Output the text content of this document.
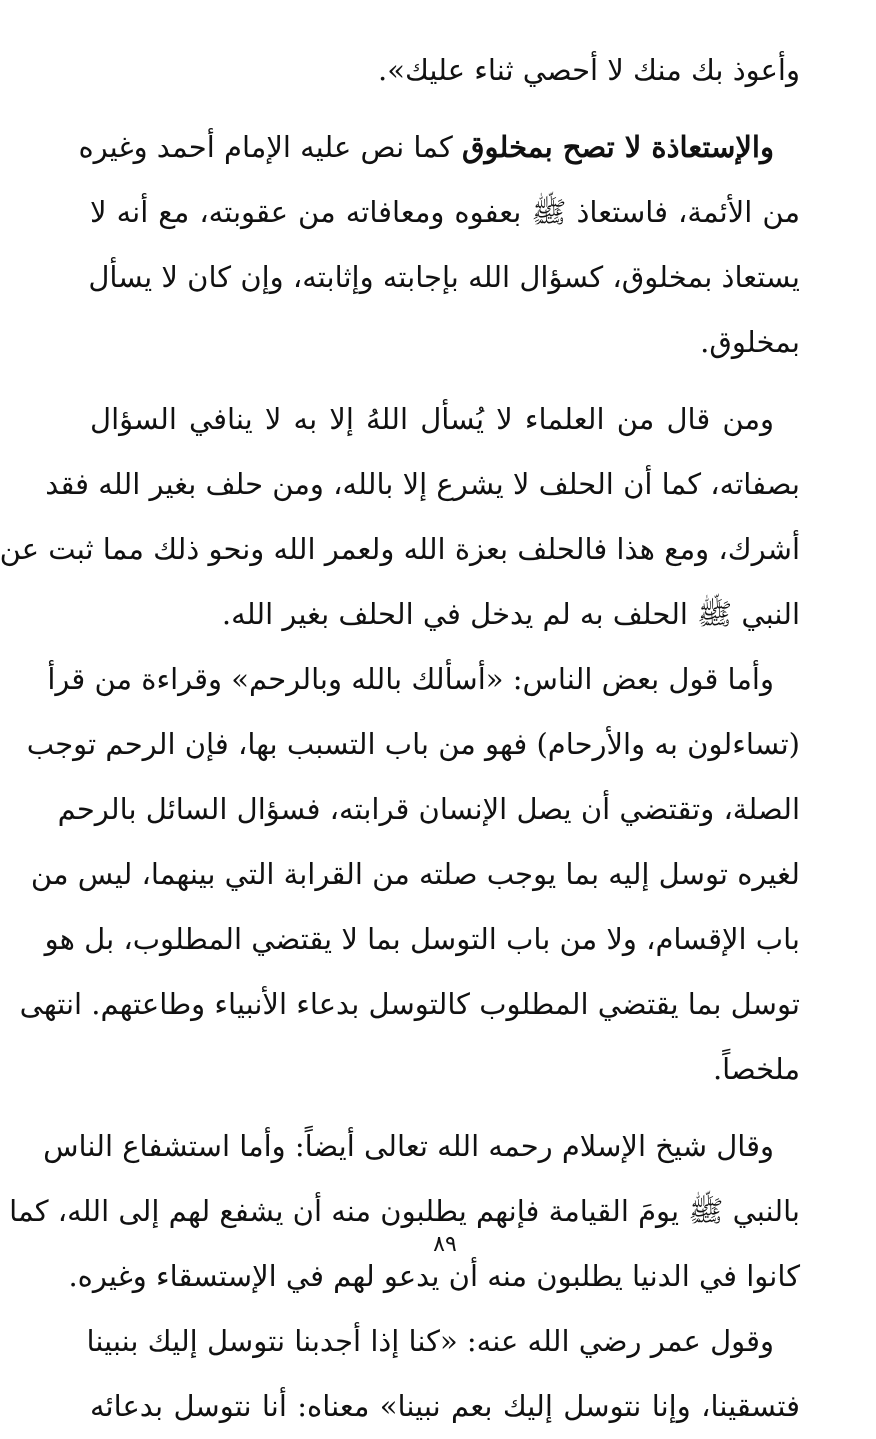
وأعوذ بك منك لا أحصي ثناء عليك».
والإستعاذة لا تصح بمخلوق كما نص عليه الإمام أحمد وغيره
من الأئمة، فاستعاذ ﷺ بعفوه ومعافاته من عقوبته، مع أنه لا
يستعاذ بمخلوق، كسؤال الله بإجابته وإثابته، وإن كان لا يسأل
بمخلوق.
ومن قال من العلماء لا يُسأل اللهُ إلا به لا ينافي السؤال
بصفاته، كما أن الحلف لا يشرع إلا بالله، ومن حلف بغير الله فقد
أشرك، ومع هذا فالحلف بعزة الله ولعمر الله ونحو ذلك مما ثبت عن
النبي ﷺ الحلف به لم يدخل في الحلف بغير الله.
وأما قول بعض الناس: «أسألك بالله وبالرحم» وقراءة من قرأ
(تساءلون به والأرحام) فهو من باب التسبب بها، فإن الرحم توجب
الصلة، وتقتضي أن يصل الإنسان قرابته، فسؤال السائل بالرحم
لغيره توسل إليه بما يوجب صلته من القرابة التي بينهما، ليس من
باب الإقسام، ولا من باب التوسل بما لا يقتضي المطلوب، بل هو
توسل بما يقتضي المطلوب كالتوسل بدعاء الأنبياء وطاعتهم. انتهى
ملخصاً.
وقال شيخ الإسلام رحمه الله تعالى أيضاً: وأما استشفاع الناس
بالنبي ﷺ يومَ القيامة فإنهم يطلبون منه أن يشفع لهم إلى الله، كما
كانوا في الدنيا يطلبون منه أن يدعو لهم في الإستسقاء وغيره.
وقول عمر رضي الله عنه: «كنا إذا أجدبنا نتوسل إليك بنبينا
فتسقينا، وإنا نتوسل إليك بعم نبينا» معناه: أنا نتوسل بدعائه
٨٩
